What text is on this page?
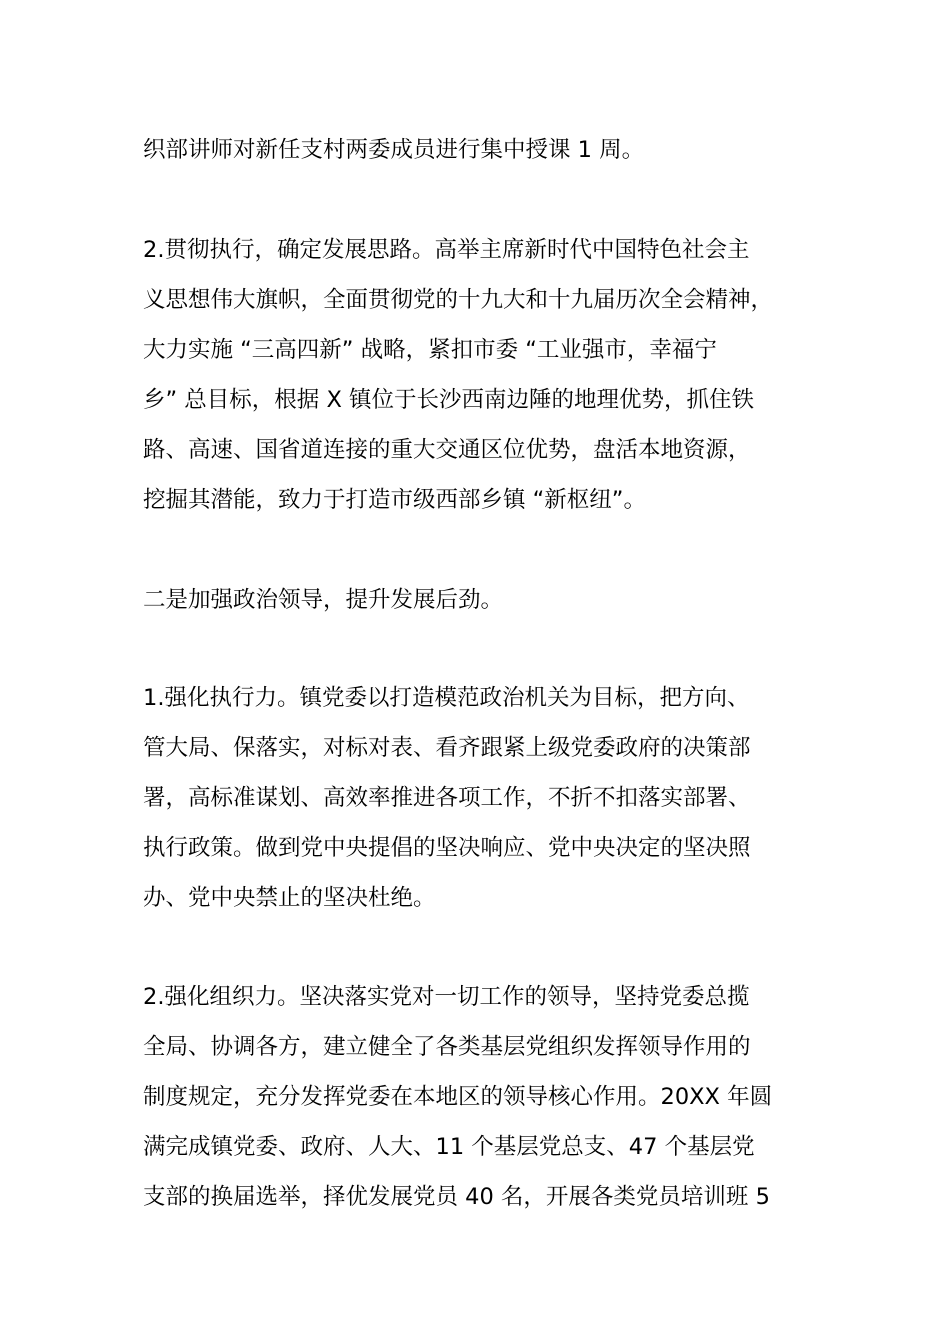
织部讲师对新任支村两委成员进行集中授课 1 周。
2.贯彻执行，确定发展思路。高举主席新时代中国特色社会主
义思想伟大旗帜，全面贯彻党的十九大和十九届历次全会精神，
大力实施 “三高四新” 战略，紧扣市委 “工业强市，幸福宁
乡” 总目标，根据 X 镇位于长沙西南边陲的地理优势，抓住铁
路、高速、国省道连接的重大交通区位优势，盘活本地资源，
挖掘其潜能，致力于打造市级西部乡镇 “新枢纽”。
二是加强政治领导，提升发展后劲。
1.强化执行力。镇党委以打造模范政治机关为目标，把方向、
管大局、保落实，对标对表、看齐跟紧上级党委政府的决策部
署，高标准谋划、高效率推进各项工作，不折不扣落实部署、
执行政策。做到党中央提倡的坚决响应、党中央决定的坚决照
办、党中央禁止的坚决杜绝。
2.强化组织力。坚决落实党对一切工作的领导，坚持党委总揽
全局、协调各方，建立健全了各类基层党组织发挥领导作用的
制度规定，充分发挥党委在本地区的领导核心作用。20XX 年圆
满完成镇党委、政府、人大、11 个基层党总支、47 个基层党
支部的换届选举，择优发展党员 40 名，开展各类党员培训班 5
